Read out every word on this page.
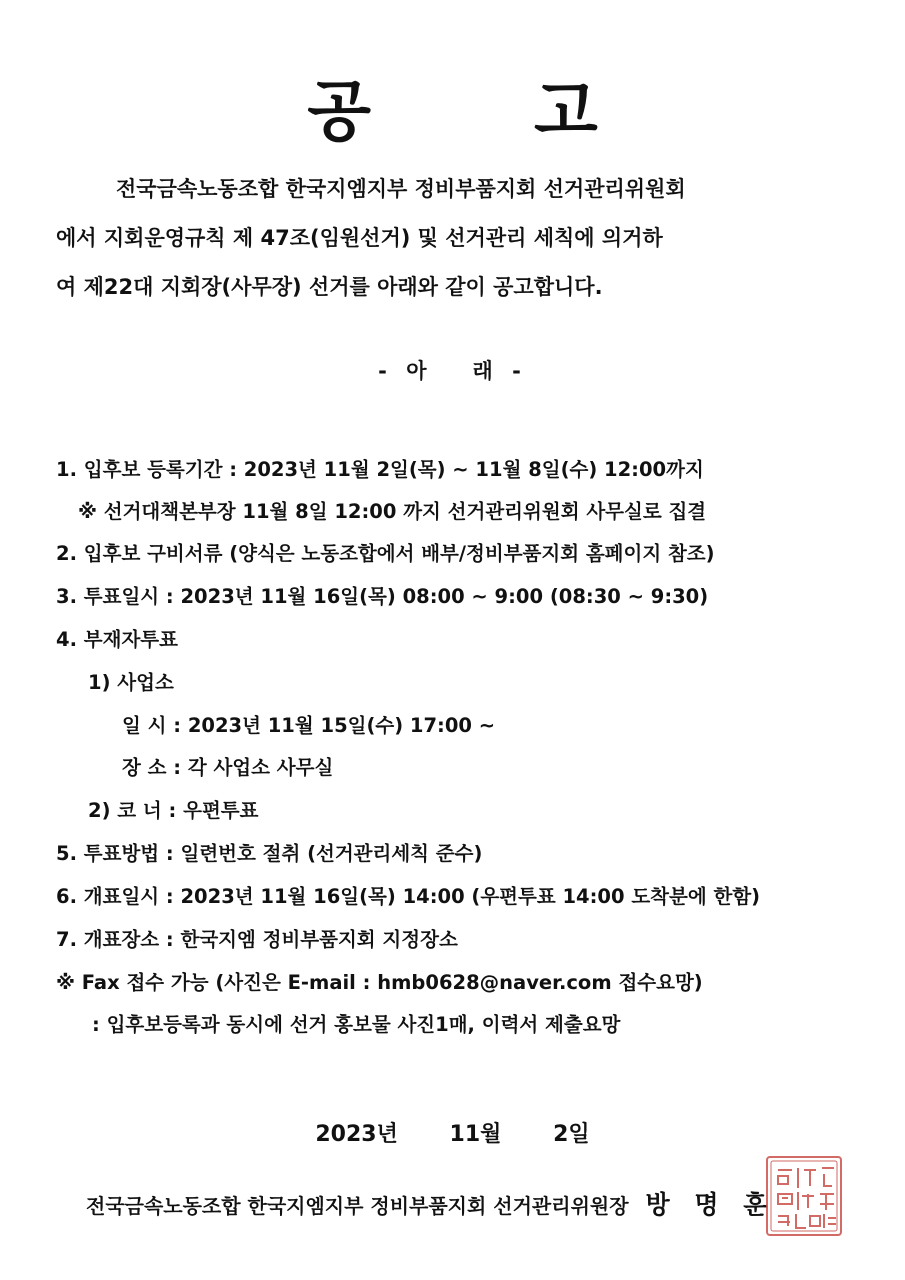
공 고
전국금속노동조합 한국지엠지부 정비부품지회 선거관리위원회
에서 지회운영규칙 제 47조(임원선거) 및 선거관리 세칙에 의거하
여 제22대 지회장(사무장) 선거를 아래와 같이 공고합니다.
- 아 래 -
1. 입후보 등록기간 : 2023년 11월 2일(목) ~ 11월 8일(수) 12:00까지
※ 선거대책본부장 11월 8일 12:00 까지 선거관리위원회 사무실로 집결
2. 입후보 구비서류 (양식은 노동조합에서 배부/정비부품지회 홈페이지 참조)
3. 투표일시 : 2023년 11월 16일(목) 08:00 ~ 9:00 (08:30 ~ 9:30)
4. 부재자투표
1) 사업소
일 시 : 2023년 11월 15일(수) 17:00 ~
장 소 : 각 사업소 사무실
2) 코 너 : 우편투표
5. 투표방법 : 일련번호 절취 (선거관리세칙 준수)
6. 개표일시 : 2023년 11월 16일(목) 14:00 (우편투표 14:00 도착분에 한함)
7. 개표장소 : 한국지엠 정비부품지회 지정장소
※ Fax 접수 가능 (사진은 E-mail : hmb0628@naver.com 접수요망)
: 입후보등록과 동시에 선거 홍보물 사진1매, 이력서 제출요망
2023년 11월 2일
전국금속노동조합 한국지엠지부 정비부품지회 선거관리위원장 방 명 훈
